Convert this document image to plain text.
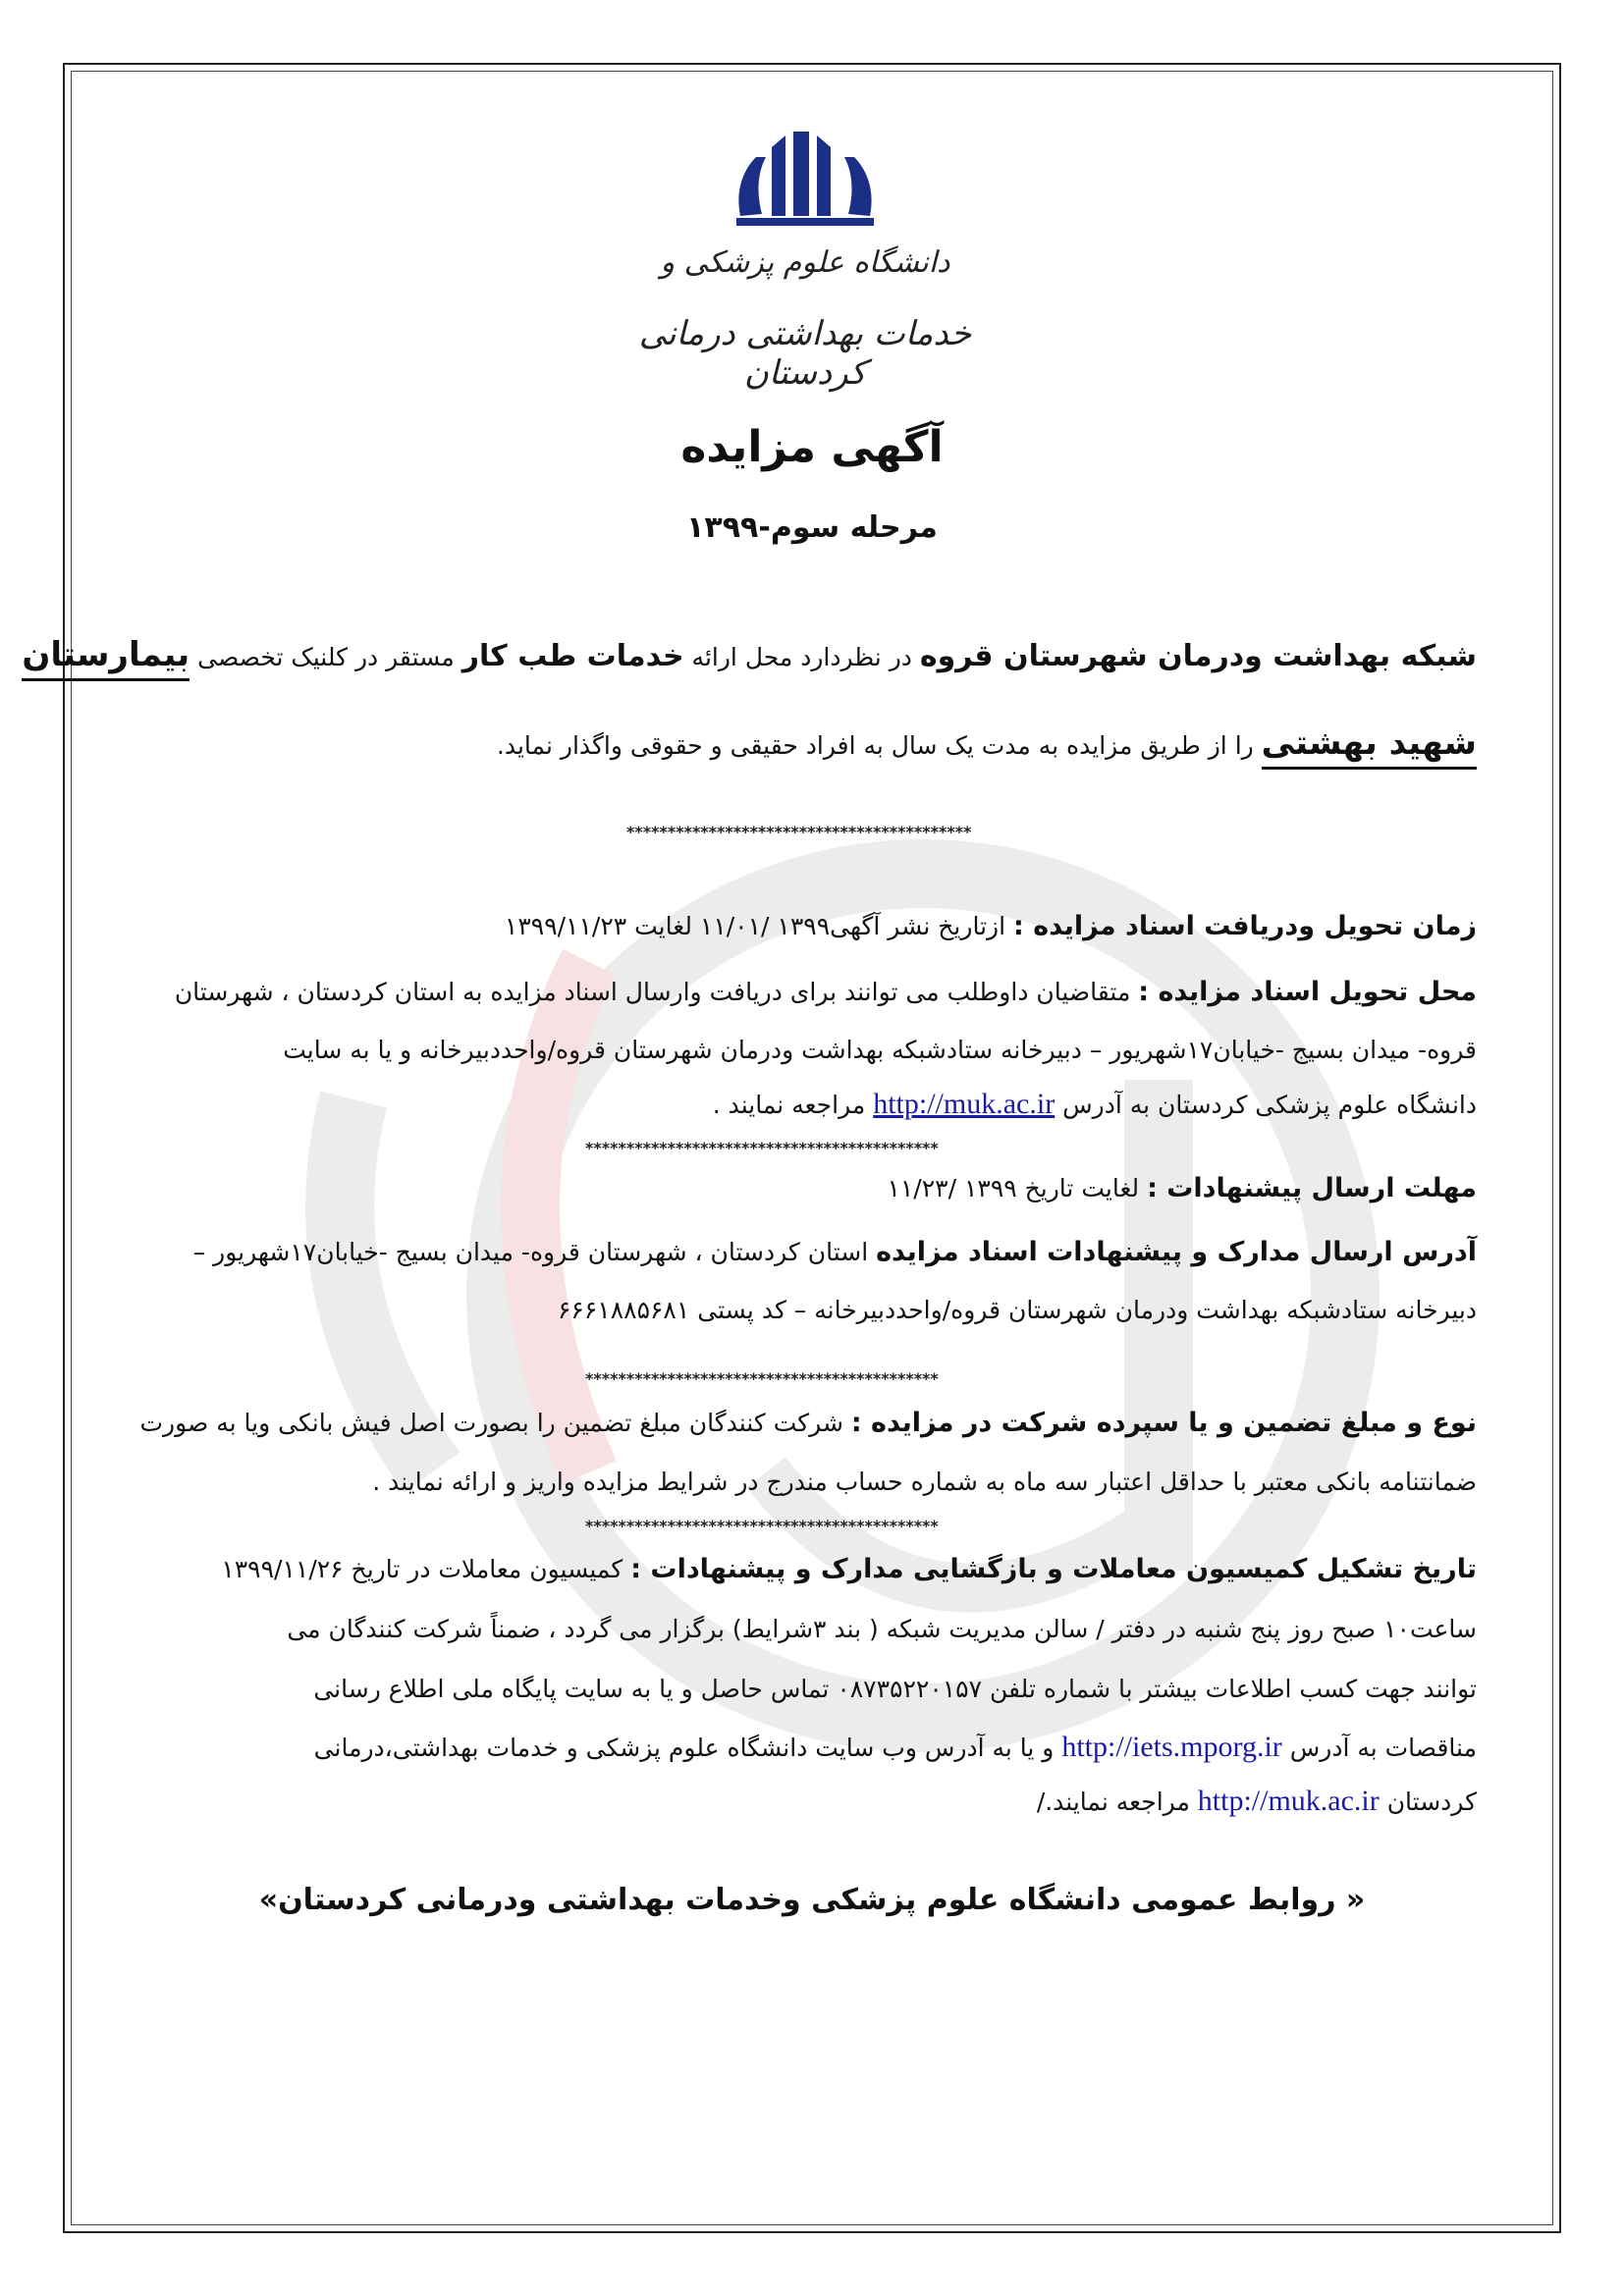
دانشگاه علوم پزشکی و
خدمات بهداشتی درمانی کردستان
آگهی مزایده
مرحله سوم-۱۳۹۹
شبکه بهداشت ودرمان شهرستان قروه در نظردارد محل ارائه خدمات طب کار مستقر در کلنیک تخصصی بیمارستان
شهید بهشتی را از طریق مزایده به مدت یک سال به افراد حقیقی و حقوقی واگذار نماید.
******************************************
زمان تحویل ودریافت اسناد مزایده : ازتاریخ نشر آگهی۱۳۹۹ /۱۱/۰۱ لغایت ۱۳۹۹/۱۱/۲۳
محل تحویل اسناد مزایده : متقاضیان داوطلب می توانند برای دریافت وارسال اسناد مزایده به استان کردستان ، شهرستان
قروه- میدان بسیج -خیابان۱۷شهریور – دبیرخانه ستادشبکه بهداشت ودرمان شهرستان قروه/واحددبیرخانه و یا به سایت
دانشگاه علوم پزشکی کردستان به آدرس http://muk.ac.ir مراجعه نمایند .
*******************************************
مهلت ارسال پیشنهادات : لغایت تاریخ ۱۳۹۹ /۱۱/۲۳
آدرس ارسال مدارک و پیشنهادات اسناد مزایده استان کردستان ، شهرستان قروه- میدان بسیج -خیابان۱۷شهریور –
دبیرخانه ستادشبکه بهداشت ودرمان شهرستان قروه/واحددبیرخانه – کد پستی ۶۶۶۱۸۸۵۶۸۱
*******************************************
نوع و مبلغ تضمین و یا سپرده شرکت در مزایده : شرکت کنندگان مبلغ تضمین را بصورت اصل فیش بانکی ویا به صورت
ضمانتنامه بانکی معتبر با حداقل اعتبار سه ماه به شماره حساب مندرج در شرایط مزایده واریز و ارائه نمایند .
*******************************************
تاریخ تشکیل کمیسیون معاملات و بازگشایی مدارک و پیشنهادات : کمیسیون معاملات در تاریخ ۱۳۹۹/۱۱/۲۶
ساعت۱۰ صبح روز پنج شنبه در دفتر / سالن مدیریت شبکه ( بند ۳شرایط) برگزار می گردد ، ضمناً شرکت کنندگان می
توانند جهت کسب اطلاعات بیشتر با شماره تلفن ۰۸۷۳۵۲۲۰۱۵۷ تماس حاصل و یا به سایت پایگاه ملی اطلاع رسانی
مناقصات به آدرس http://iets.mporg.ir و یا به آدرس وب سایت دانشگاه علوم پزشکی و خدمات بهداشتی،درمانی
کردستان http://muk.ac.ir مراجعه نمایند./
« روابط عمومی دانشگاه علوم پزشکی وخدمات بهداشتی ودرمانی کردستان»
